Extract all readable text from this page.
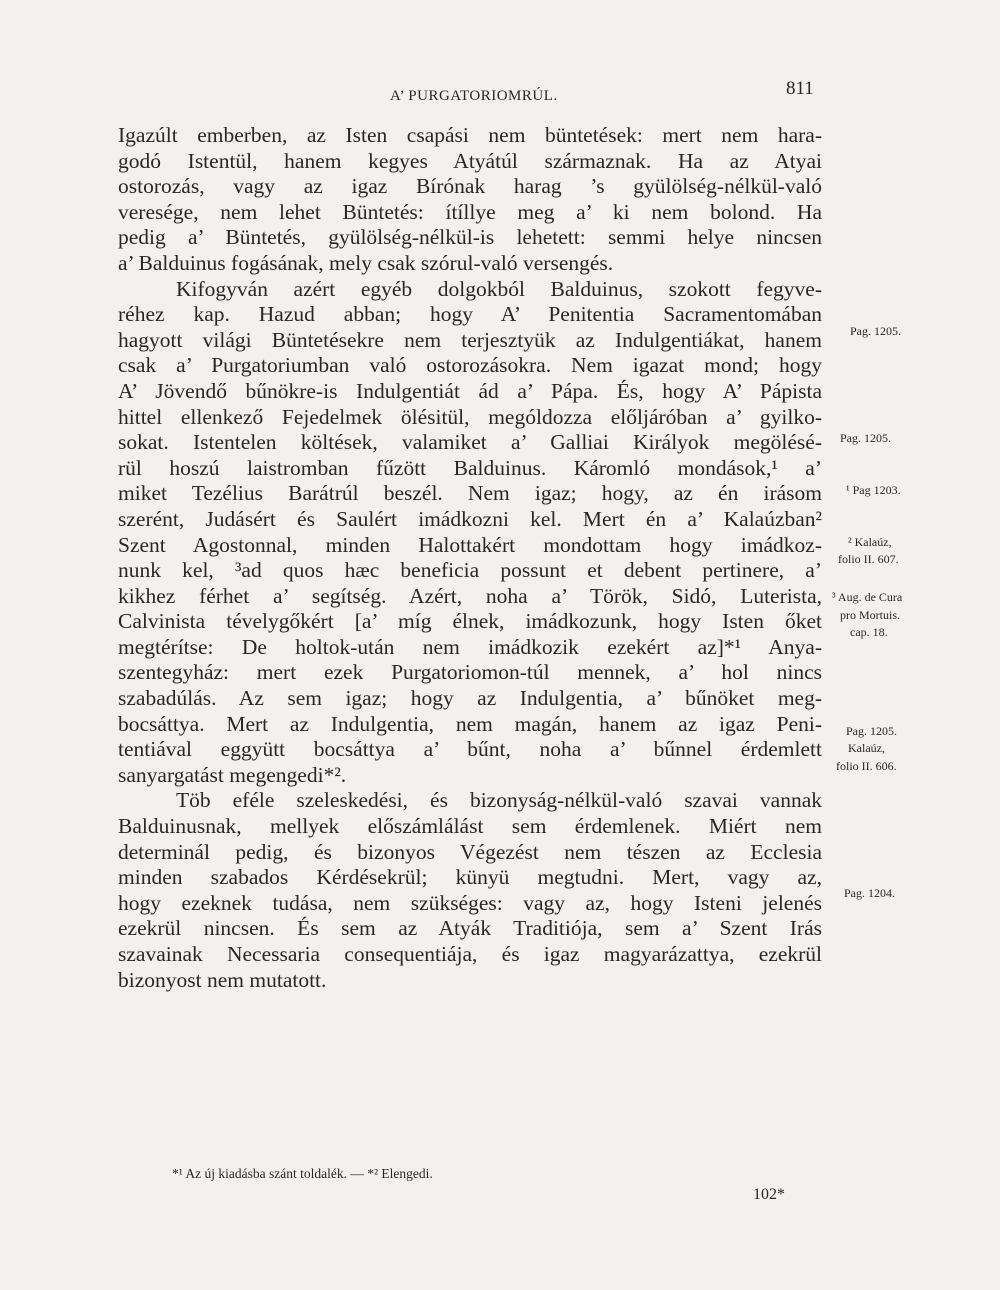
A’ PURGATORIOMRÚL.	811
Igazúlt emberben, az Isten csapási nem büntetések: mert nem hara-
godó Istentül, hanem kegyes Atyátúl származnak. Ha az Atyai
ostorozás, vagy az igaz Bírónak harag ’s gyülölség-nélkül-való
veresége, nem lehet Büntetés: ítíllye meg a’ ki nem bolond. Ha
pedig a’ Büntetés, gyülölség-nélkül-is lehetett: semmi helye nincsen
a’ Balduinus fogásának, mely csak szórul-való versengés.
Kifogyván azért egyéb dolgokból Balduinus, szokott fegyve-
réhez kap. Hazud abban; hogy A’ Penitentia Sacramentomában
hagyott világi Büntetésekre nem terjesztyük az Indulgentiákat, hanem
csak a’ Purgatoriumban való ostorozásokra. Nem igazat mond; hogy
A’ Jövendő bűnökre-is Indulgentiát ád a’ Pápa. És, hogy A’ Pápista
hittel ellenkező Fejedelmek ölésitül, mególdozza előljáróban a’ gyilko-
sokat. Istentelen költések, valamiket a’ Galliai Királyok megölésé-
rül hoszú laistromban fűzött Balduinus. Káromló mondások,¹ a’
miket Tezélius Barátrúl beszél. Nem igaz; hogy, az én irásom
szerént, Judásért és Saulért imádkozni kel. Mert én a’ Kalaúzban²
Szent Agostonnal, minden Halottakért mondottam hogy imádkoz-
nunk kel, ³ad quos hæc beneficia possunt et debent pertinere, a’
kikhez férhet a’ segítség. Azért, noha a’ Török, Sidó, Luterista,
Calvinista tévelygőkért [a’ míg élnek, imádkozunk, hogy Isten őket
megtérítse: De holtok-után nem imádkozik ezekért az]*¹ Anya-
szentegyház: mert ezek Purgatoriomon-túl mennek, a’ hol nincs
szabadúlás. Az sem igaz; hogy az Indulgentia, a’ bűnöket meg-
bocsáttya. Mert az Indulgentia, nem magán, hanem az igaz Peni-
tentiával eggyütt bocsáttya a’ bűnt, noha a’ bűnnel érdemlett
sanyargatást megengedi*².
Töb eféle szeleskedési, és bizonyság-nélkül-való szavai vannak
Balduinusnak, mellyek előszámlálást sem érdemlenek. Miért nem
determinál pedig, és bizonyos Végezést nem tészen az Ecclesia
minden szabados Kérdésekrül; künyü megtudni. Mert, vagy az,
hogy ezeknek tudása, nem szükséges: vagy az, hogy Isteni jelenés
ezekrül nincsen. És sem az Atyák Traditiója, sem a’ Szent Irás
szavainak Necessaria consequentiája, és igaz magyarázattya, ezekrül
bizonyost nem mutatott.
Pag. 1205.
Pag. 1205.
¹ Pag 1203.
² Kalaúz,
folio II. 607.
³ Aug. de Cura
pro Mortuis.
cap. 18.
Pag. 1205.
Kalaúz,
folio II. 606.
Pag. 1204.
*¹ Az új kiadásba szánt toldalék. — *² Elengedi.
102*
